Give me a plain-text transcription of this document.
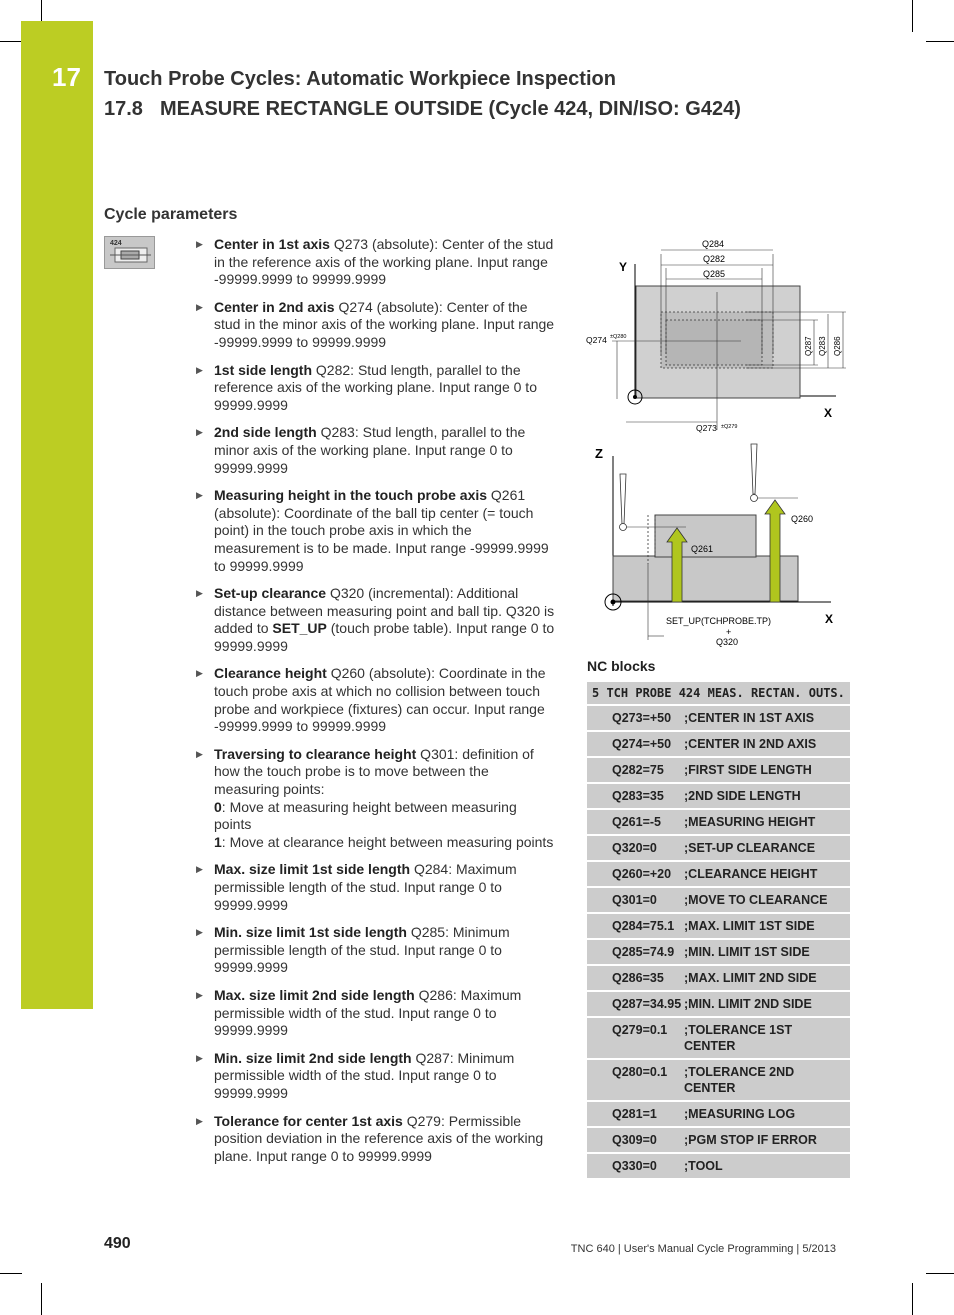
17 Touch Probe Cycles: Automatic Workpiece Inspection
17.8 MEASURE RECTANGLE OUTSIDE (Cycle 424, DIN/ISO: G424)
Cycle parameters
424	▶ Center in 1st axis Q273 (absolute): Center of the stud in the reference axis of the working plane. Input range -99999.9999 to 99999.9999
▶ Center in 2nd axis Q274 (absolute): Center of the stud in the minor axis of the working plane. Input range -99999.9999 to 99999.9999
▶ 1st side length Q282: Stud length, parallel to the reference axis of the working plane. Input range 0 to 99999.9999
▶ 2nd side length Q283: Stud length, parallel to the minor axis of the working plane. Input range 0 to 99999.9999
▶ Measuring height in the touch probe axis Q261 (absolute): Coordinate of the ball tip center (= touch point) in the touch probe axis in which the measurement is to be made. Input range -99999.9999 to 99999.9999
▶ Set-up clearance Q320 (incremental): Additional distance between measuring point and ball tip. Q320 is added to SET_UP (touch probe table). Input range 0 to 99999.9999
▶ Clearance height Q260 (absolute): Coordinate in the touch probe axis at which no collision between touch probe and workpiece (fixtures) can occur. Input range -99999.9999 to 99999.9999
▶ Traversing to clearance height Q301: definition of how the touch probe is to move between the measuring points:
0: Move at measuring height between measuring points
1: Move at clearance height between measuring points
▶ Max. size limit 1st side length Q284: Maximum permissible length of the stud. Input range 0 to 99999.9999
▶ Min. size limit 1st side length Q285: Minimum permissible length of the stud. Input range 0 to 99999.9999
▶ Max. size limit 2nd side length Q286: Maximum permissible width of the stud. Input range 0 to 99999.9999
▶ Min. size limit 2nd side length Q287: Minimum permissible width of the stud. Input range 0 to 99999.9999
▶ Tolerance for center 1st axis Q279: Permissible position deviation in the reference axis of the working plane. Input range 0 to 99999.9999
Y
X
Q284
Q282
Q285
Q287 Q283 Q286
Q274 ±Q280
Q273 ±Q279
Z
X
Q260
Q261
SET_UP(TCHPROBE.TP)
+
Q320
NC blocks
5 TCH PROBE 424 MEAS. RECTAN. OUTS.
Q273=+50	;CENTER IN 1ST AXIS
Q274=+50	;CENTER IN 2ND AXIS
Q282=75	;FIRST SIDE LENGTH
Q283=35	;2ND SIDE LENGTH
Q261=-5	;MEASURING HEIGHT
Q320=0	;SET-UP CLEARANCE
Q260=+20	;CLEARANCE HEIGHT
Q301=0	;MOVE TO CLEARANCE
Q284=75.1 ;MAX. LIMIT 1ST SIDE
Q285=74.9 ;MIN. LIMIT 1ST SIDE
Q286=35	;MAX. LIMIT 2ND SIDE
Q287=34.95 ;MIN. LIMIT 2ND SIDE
Q279=0.1	;TOLERANCE 1ST CENTER
Q280=0.1	;TOLERANCE 2ND CENTER
Q281=1	;MEASURING LOG
Q309=0	;PGM STOP IF ERROR
Q330=0	;TOOL
490	TNC 640 | User's Manual Cycle Programming | 5/2013
